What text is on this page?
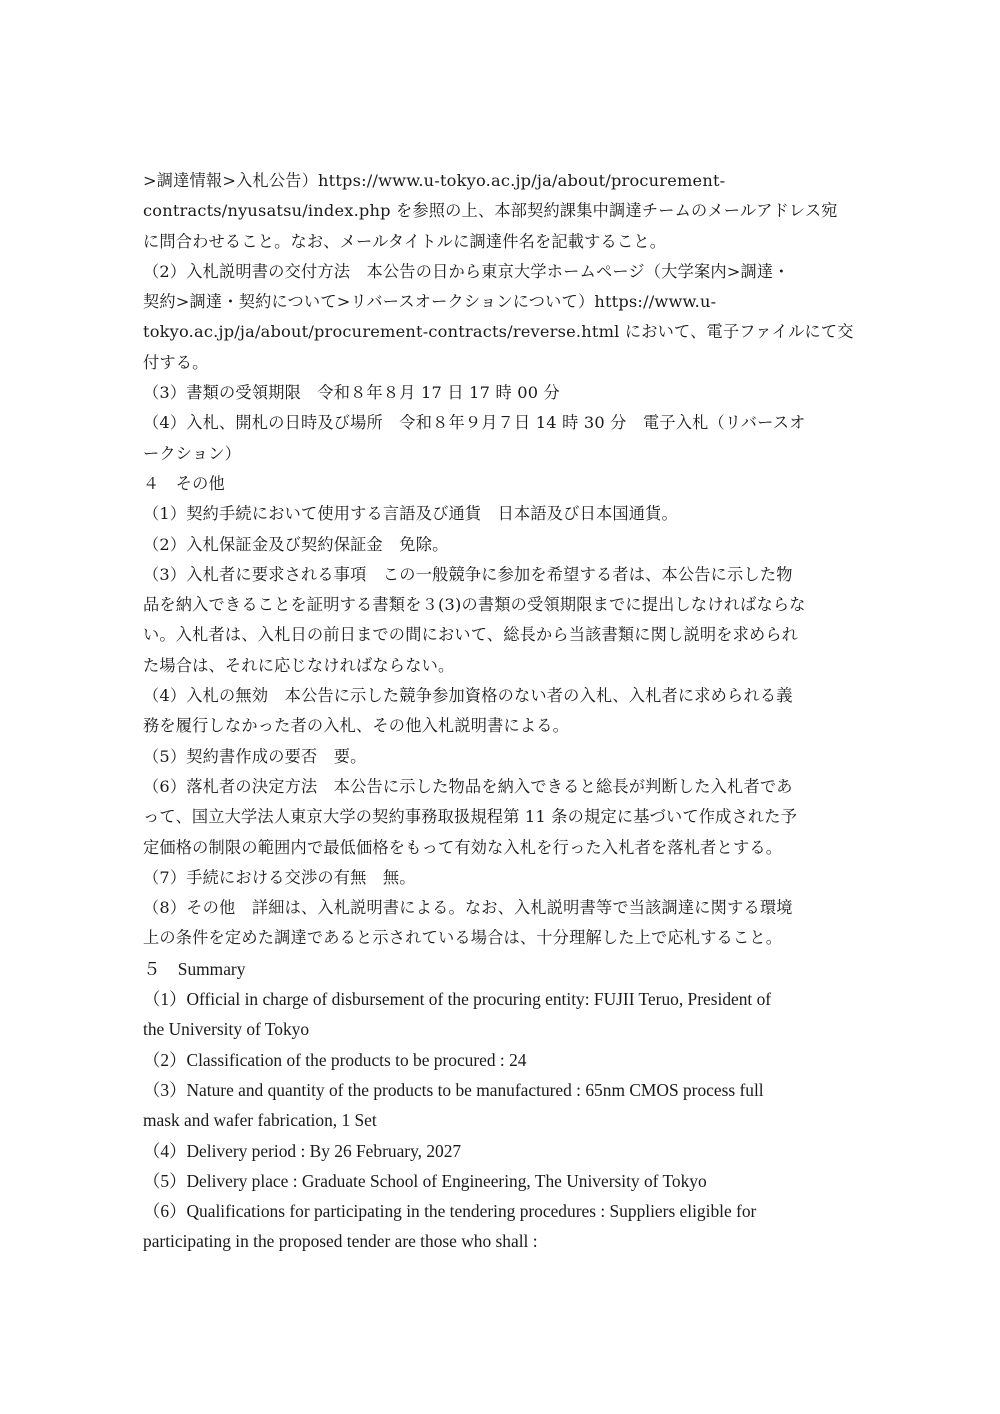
>調達情報>入札公告）https://www.u-tokyo.ac.jp/ja/about/procurement-
contracts/nyusatsu/index.php を参照の上、本部契約課集中調達チームのメールアドレス宛
に問合わせること。なお、メールタイトルに調達件名を記載すること。
（2）入札説明書の交付方法　本公告の日から東京大学ホームページ（大学案内>調達・
契約>調達・契約について>リバースオークションについて）https://www.u-
tokyo.ac.jp/ja/about/procurement-contracts/reverse.html において、電子ファイルにて交
付する。
（3）書類の受領期限　令和８年８月 17 日 17 時 00 分
（4）入札、開札の日時及び場所　令和８年９月７日 14 時 30 分　電子入札（リバースオ
ークション）
４　その他
（1）契約手続において使用する言語及び通貨　日本語及び日本国通貨。
（2）入札保証金及び契約保証金　免除。
（3）入札者に要求される事項　この一般競争に参加を希望する者は、本公告に示した物
品を納入できることを証明する書類を３(3)の書類の受領期限までに提出しなければならな
い。入札者は、入札日の前日までの間において、総長から当該書類に関し説明を求められ
た場合は、それに応じなければならない。
（4）入札の無効　本公告に示した競争参加資格のない者の入札、入札者に求められる義
務を履行しなかった者の入札、その他入札説明書による。
（5）契約書作成の要否　要。
（6）落札者の決定方法　本公告に示した物品を納入できると総長が判断した入札者であ
って、国立大学法人東京大学の契約事務取扱規程第 11 条の規定に基づいて作成された予
定価格の制限の範囲内で最低価格をもって有効な入札を行った入札者を落札者とする。
（7）手続における交渉の有無　無。
（8）その他　詳細は、入札説明書による。なお、入札説明書等で当該調達に関する環境
上の条件を定めた調達であると示されている場合は、十分理解した上で応札すること。
５　Summary
（1）Official in charge of disbursement of the procuring entity: FUJII Teruo, President of
the University of Tokyo
（2）Classification of the products to be procured : 24
（3）Nature and quantity of the products to be manufactured : 65nm CMOS process full
mask and wafer fabrication, 1 Set
（4）Delivery period : By 26 February, 2027
（5）Delivery place : Graduate School of Engineering, The University of Tokyo
（6）Qualifications for participating in the tendering procedures : Suppliers eligible for
participating in the proposed tender are those who shall :
